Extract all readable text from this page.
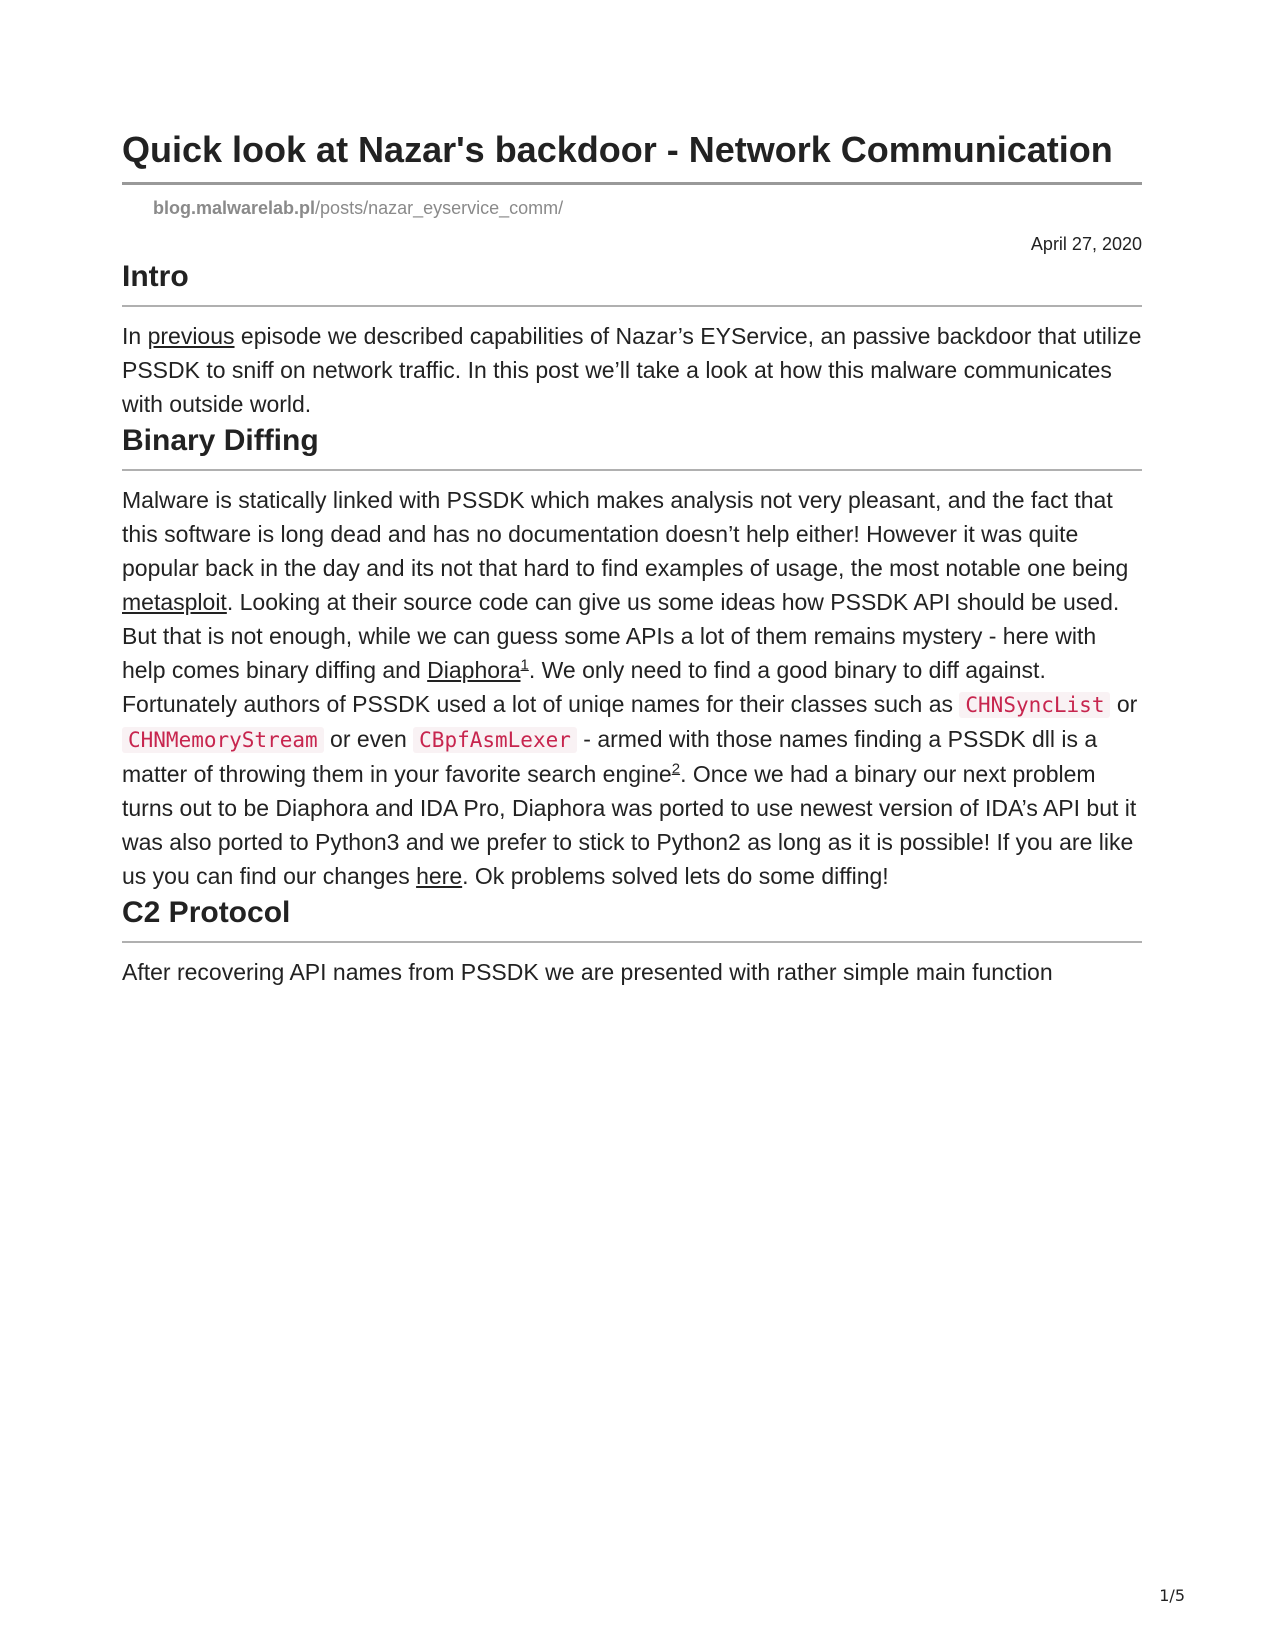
Quick look at Nazar's backdoor - Network Communication
blog.malwarelab.pl/posts/nazar_eyservice_comm/
April 27, 2020
Intro

In previous episode we described capabilities of Nazar’s EYService, an passive backdoor that utilize PSSDK to sniff on network traffic. In this post we’ll take a look at how this malware communicates with outside world.

Binary Diffing

Malware is statically linked with PSSDK which makes analysis not very pleasant, and the fact that this software is long dead and has no documentation doesn’t help either! However it was quite popular back in the day and its not that hard to find examples of usage, the most notable one being metasploit. Looking at their source code can give us some ideas how PSSDK API should be used.

But that is not enough, while we can guess some APIs a lot of them remains mystery - here with help comes binary diffing and Diaphora$^1$. We only need to find a good binary to diff against.

Fortunately authors of PSSDK used a lot of uniqe names for their classes such as CHNSyncList or CHNMemoryStream or even CBpfAsmLexer - armed with those names finding a PSSDK dll is a matter of throwing them in your favorite search engine$^2$. Once we had a binary our next problem turns out to be Diaphora and IDA Pro, Diaphora was ported to use newest version of IDA’s API but it was also ported to Python3 and we prefer to stick to Python2 as long as it is possible! If you are like us you can find our changes here. Ok problems solved lets do some diffing!

C2 Protocol

After recovering API names from PSSDK we are presented with rather simple main function

1/5
